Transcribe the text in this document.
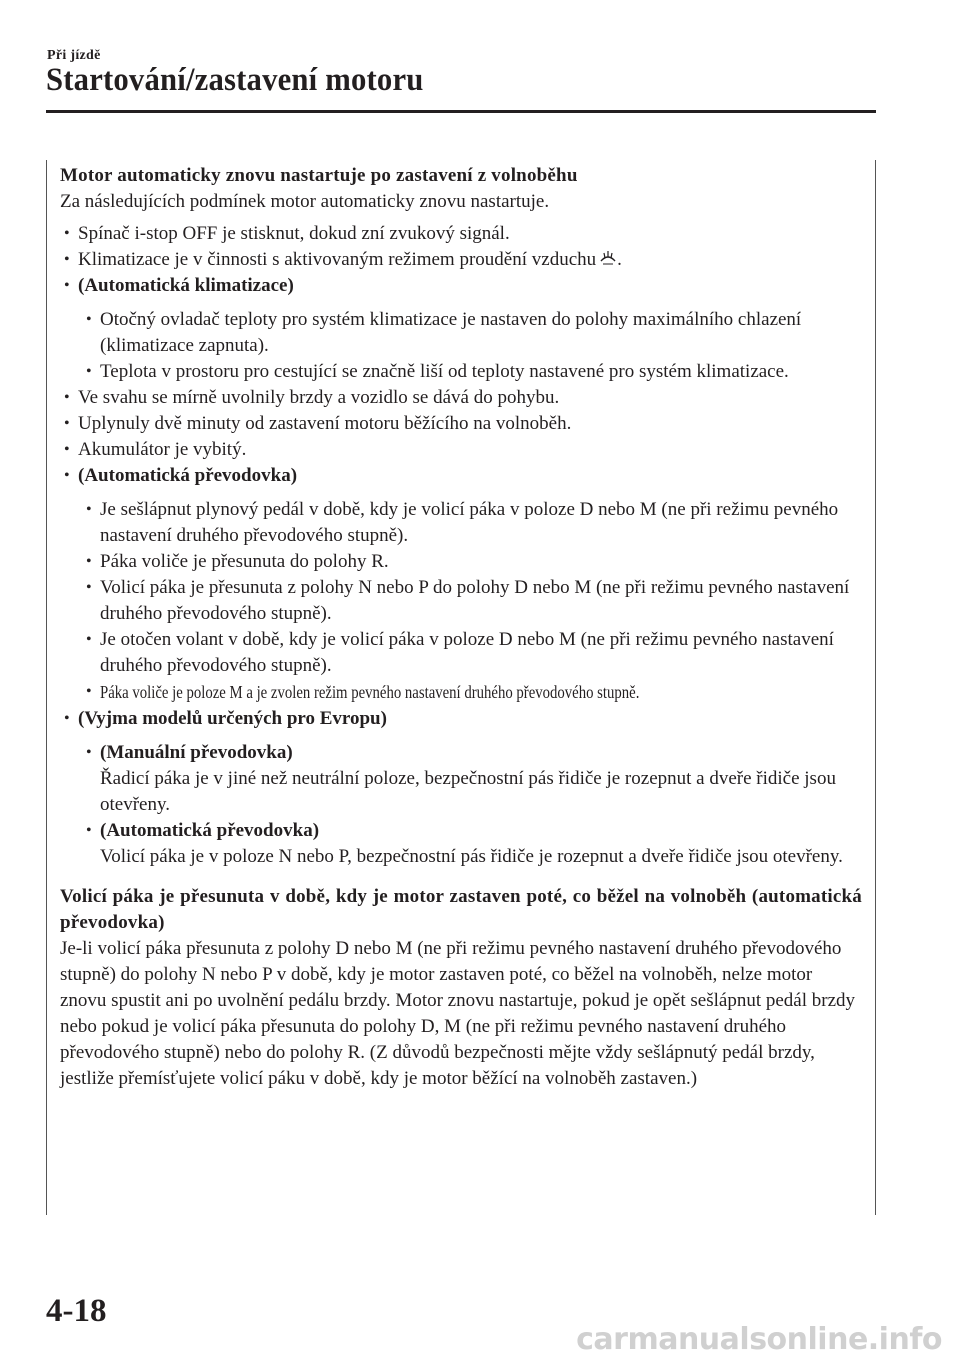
Při jízdě
Startování/zastavení motoru
Motor automaticky znovu nastartuje po zastavení z volnoběhu

Za následujících podmínek motor automaticky znovu nastartuje.

• Spínač i-stop OFF je stisknut, dokud zní zvukový signál.
• Klimatizace je v činnosti s aktivovaným režimem proudění vzduchu .
• (Automatická klimatizace)
• Otočný ovladač teploty pro systém klimatizace je nastaven do polohy maximálního chlazení (klimatizace zapnuta).
• Teplota v prostoru pro cestující se značně liší od teploty nastavené pro systém klimatizace.
• Ve svahu se mírně uvolnily brzdy a vozidlo se dává do pohybu.
• Uplynuly dvě minuty od zastavení motoru běžícího na volnoběh.
• Akumulátor je vybitý.
• (Automatická převodovka)
• Je sešlápnut plynový pedál v době, kdy je volicí páka v poloze D nebo M (ne při režimu pevného nastavení druhého převodového stupně).
• Páka voliče je přesunuta do polohy R.
• Volicí páka je přesunuta z polohy N nebo P do polohy D nebo M (ne při režimu pevného nastavení druhého převodového stupně).
• Je otočen volant v době, kdy je volicí páka v poloze D nebo M (ne při režimu pevného nastavení druhého převodového stupně).
• Páka voliče je poloze M a je zvolen režim pevného nastavení druhého převodového stupně.
• (Vyjma modelů určených pro Evropu)
• (Manuální převodovka)
Řadicí páka je v jiné než neutrální poloze, bezpečnostní pás řidiče je rozepnut a dveře řidiče jsou otevřeny.
• (Automatická převodovka)
Volicí páka je v poloze N nebo P, bezpečnostní pás řidiče je rozepnut a dveře řidiče jsou otevřeny.
Volicí páka je přesunuta v době, kdy je motor zastaven poté, co běžel na volnoběh (automatická převodovka)

Je-li volicí páka přesunuta z polohy D nebo M (ne při režimu pevného nastavení druhého převodového stupně) do polohy N nebo P v době, kdy je motor zastaven poté, co běžel na volnoběh, nelze motor znovu spustit ani po uvolnění pedálu brzdy. Motor znovu nastartuje, pokud je opět sešlápnut pedál brzdy nebo pokud je volicí páka přesunuta do polohy D, M (ne při režimu pevného nastavení druhého převodového stupně) nebo do polohy R. (Z důvodů bezpečnosti mějte vždy sešlápnutý pedál brzdy, jestliže přemísťujete volicí páku v době, kdy je motor běžící na volnoběh zastaven.)

4-18
carmanualsonline.info
